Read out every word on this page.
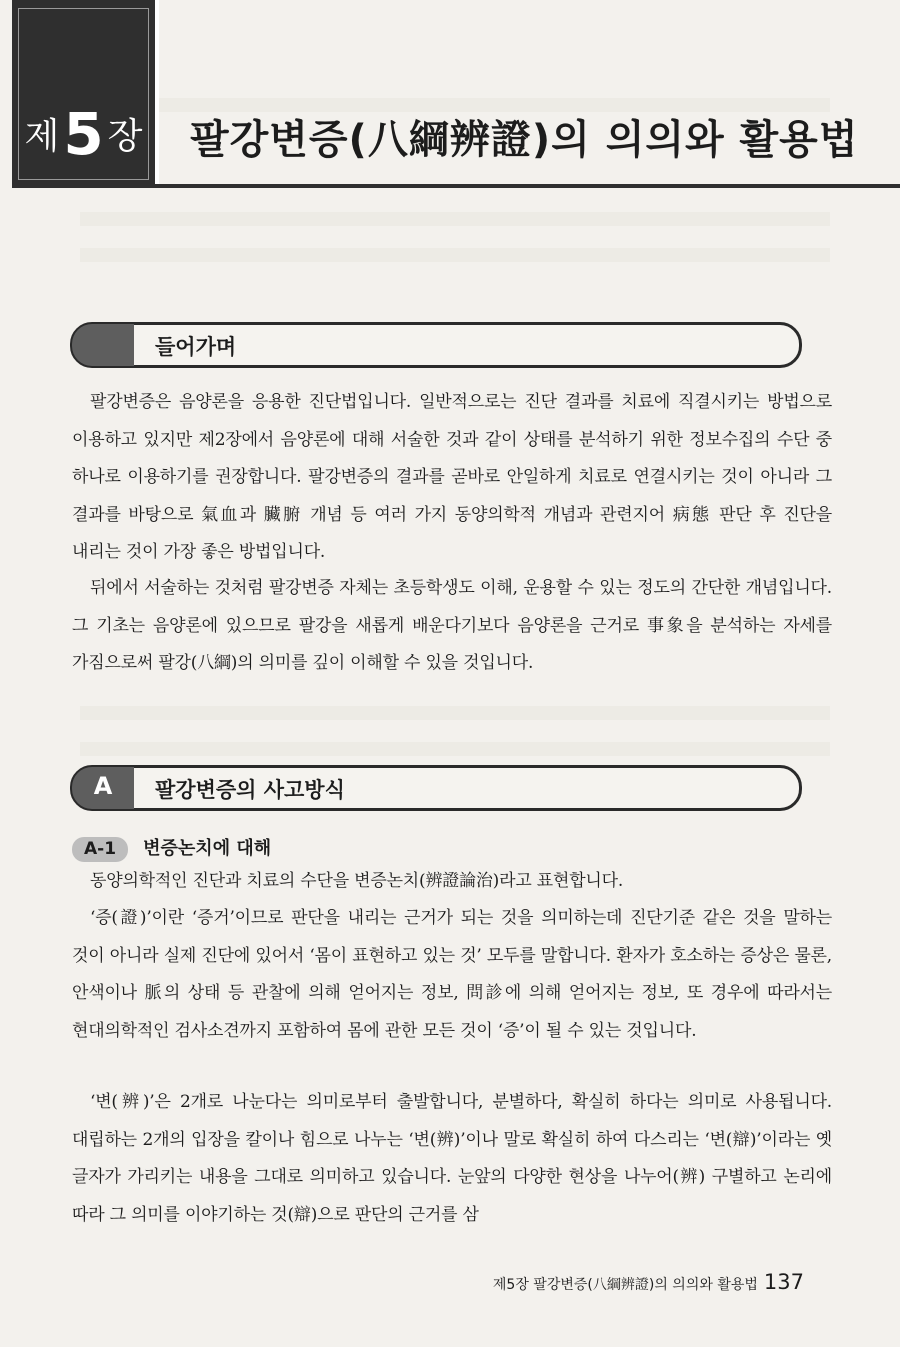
제5 장	팔강변증(八綱辨證)의 의의와 활용법
들어가며
팔강변증은 음양론을 응용한 진단법입니다. 일반적으로는 진단 결과를 치료에 직결시키는 방법으로 이용하고 있지만 제2장에서 음양론에 대해 서술한 것과 같이 상태를 분석하기 위한 정보수집의 수단 중 하나로 이용하기를 권장합니다. 팔강변증의 결과를 곧바로 안일하게 치료로 연결시키는 것이 아니라 그 결과를 바탕으로 氣血과 臟腑 개념 등 여러 가지 동양의학적 개념과 관련지어 病態 판단 후 진단을 내리는 것이 가장 좋은 방법입니다.
뒤에서 서술하는 것처럼 팔강변증 자체는 초등학생도 이해, 운용할 수 있는 정도의 간단한 개념입니다. 그 기초는 음양론에 있으므로 팔강을 새롭게 배운다기보다 음양론을 근거로 事象을 분석하는 자세를 가짐으로써 팔강(八綱)의 의미를 깊이 이해할 수 있을 것입니다.
A	팔강변증의 사고방식
A-1 변증논치에 대해
동양의학적인 진단과 치료의 수단을 변증논치(辨證論治)라고 표현합니다.
‘증(證)’이란 ‘증거’이므로 판단을 내리는 근거가 되는 것을 의미하는데 진단기준 같은 것을 말하는 것이 아니라 실제 진단에 있어서 ‘몸이 표현하고 있는 것’ 모두를 말합니다. 환자가 호소하는 증상은 물론, 안색이나 脈의 상태 등 관찰에 의해 얻어지는 정보, 問診에 의해 얻어지는 정보, 또 경우에 따라서는 현대의학적인 검사소견까지 포함하여 몸에 관한 모든 것이 ‘증’이 될 수 있는 것입니다.
‘변(辨)’은 2개로 나눈다는 의미로부터 출발합니다, 분별하다, 확실히 하다는 의미로 사용됩니다. 대립하는 2개의 입장을 칼이나 힘으로 나누는 ‘변(辨)’이나 말로 확실히 하여 다스리는 ‘변(辯)’이라는 옛 글자가 가리키는 내용을 그대로 의미하고 있습니다. 눈앞의 다양한 현상을 나누어(辨) 구별하고 논리에 따라 그 의미를 이야기하는 것(辯)으로 판단의 근거를 삼
제5장 팔강변증(八綱辨證)의 의의와 활용법 137
